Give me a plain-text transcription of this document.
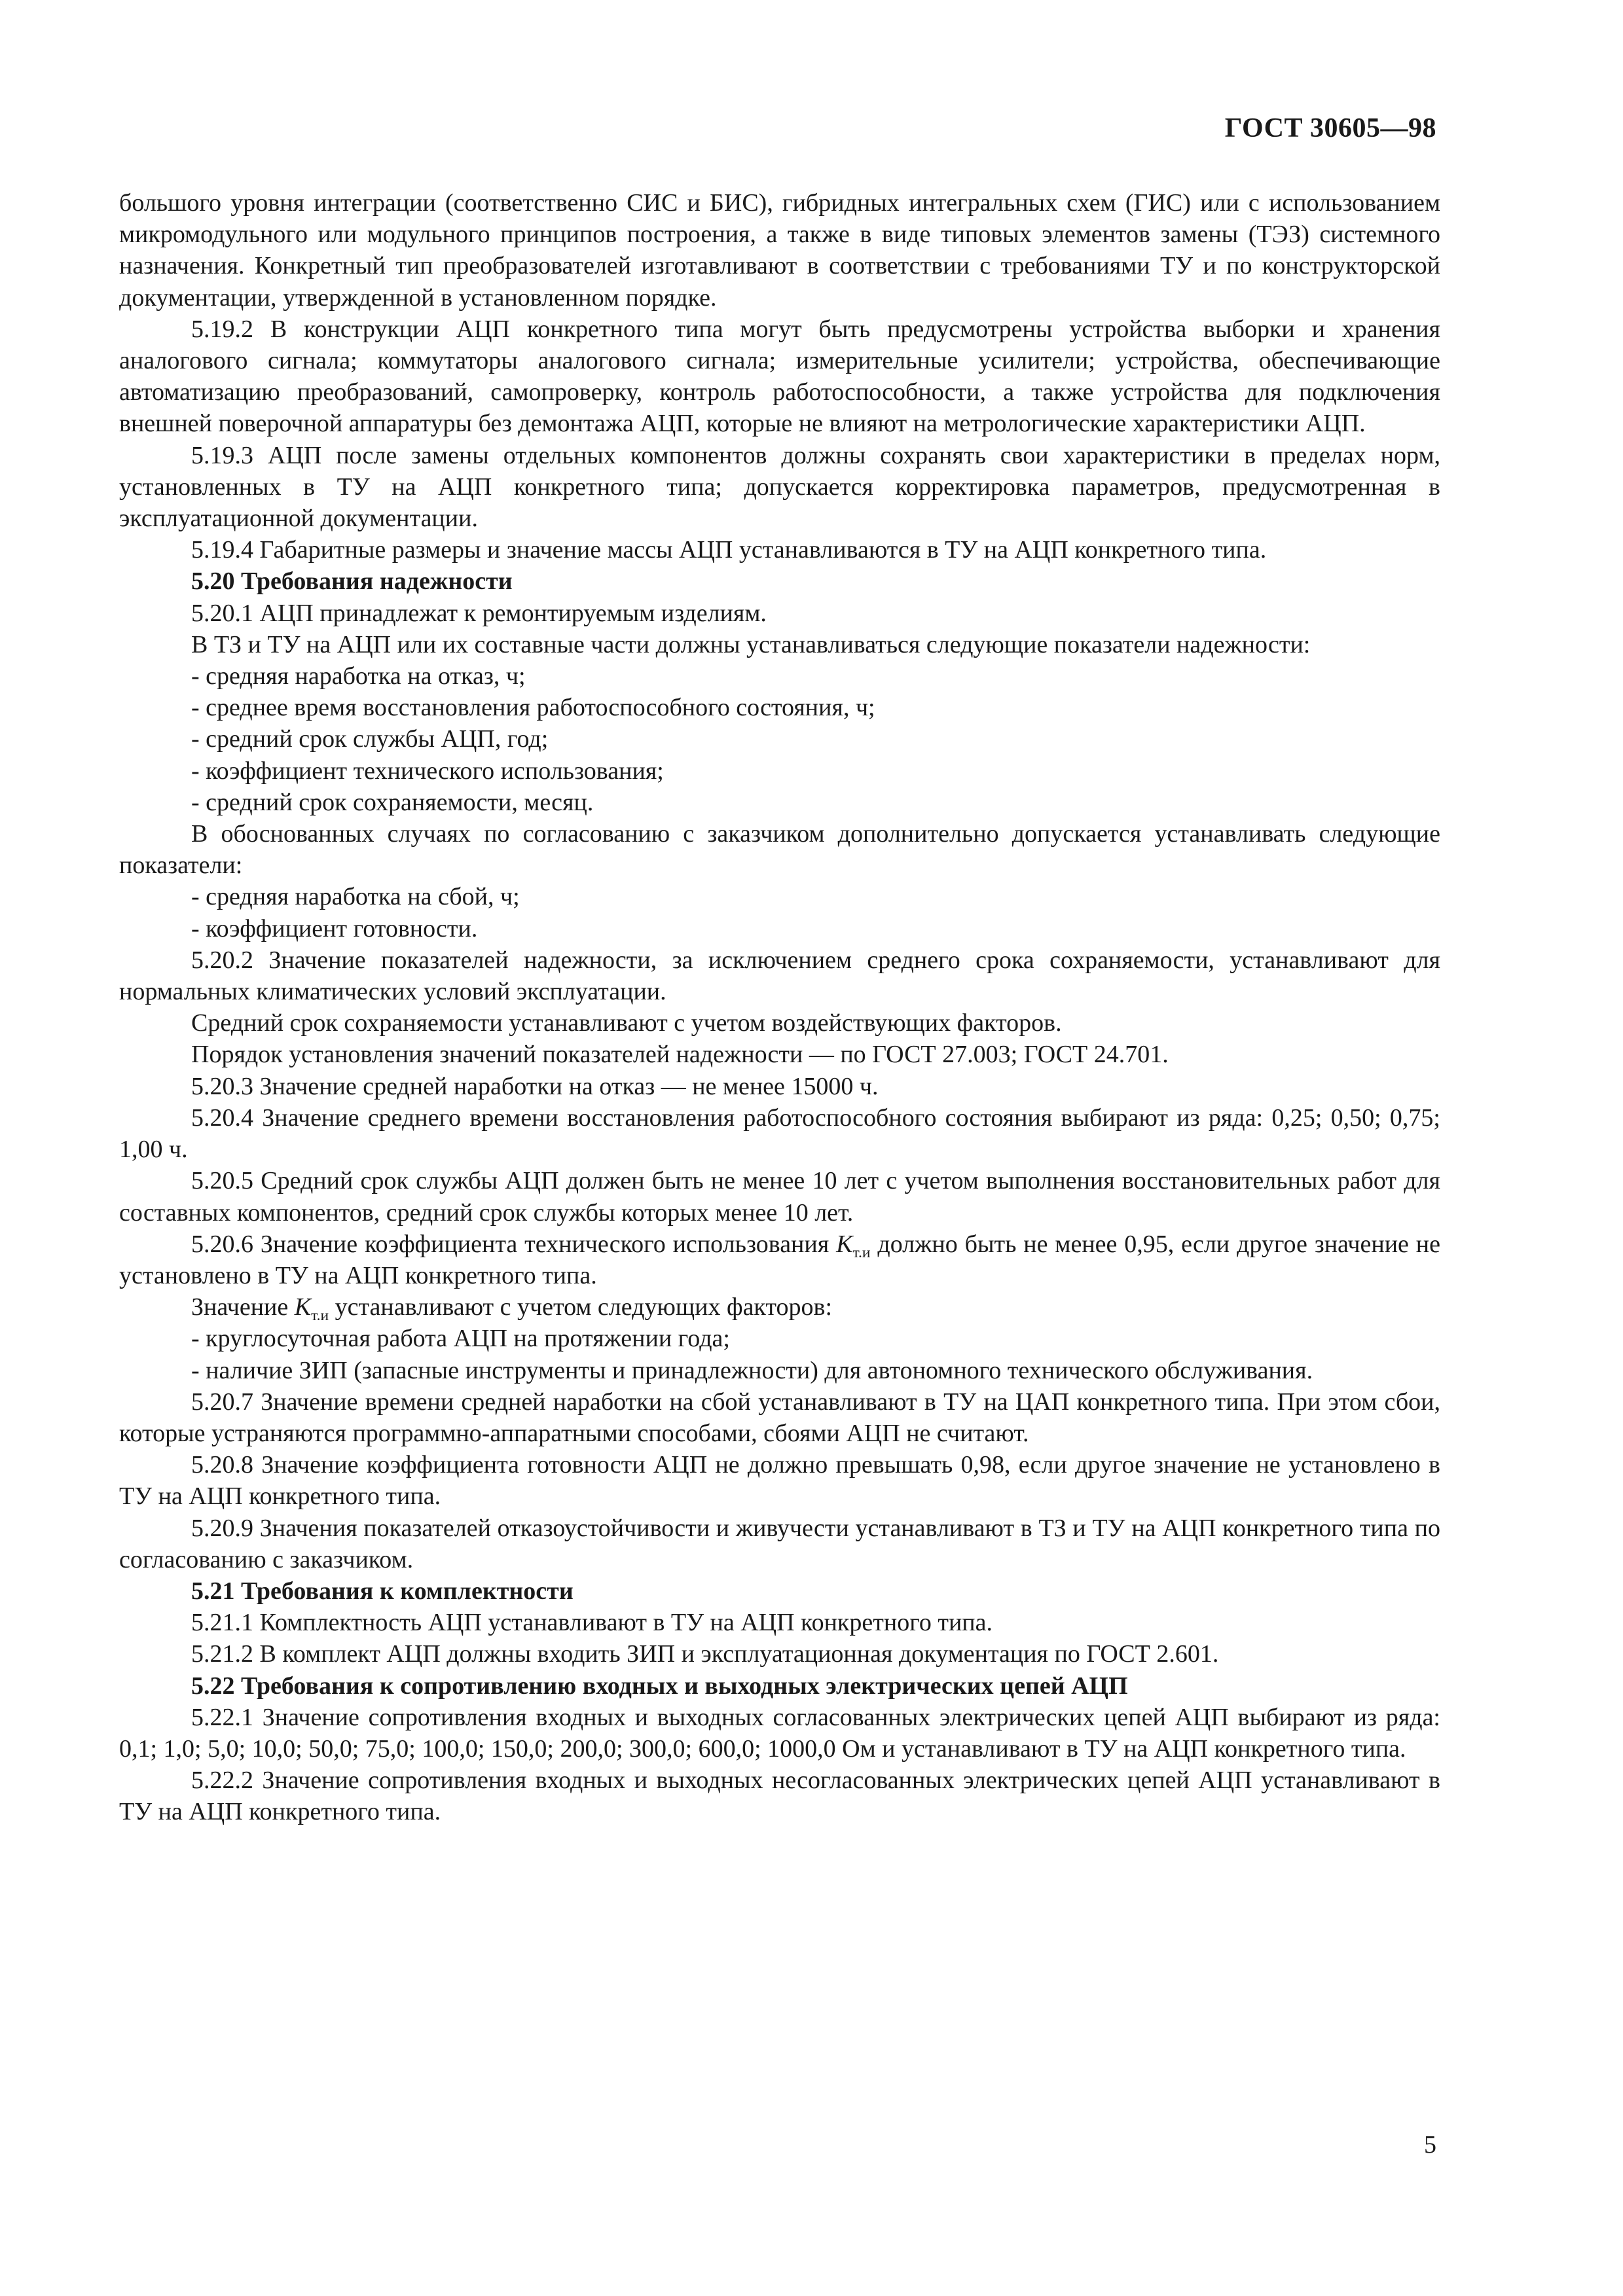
ГОСТ 30605—98

большого уровня интеграции (соответственно СИС и БИС), гибридных интегральных схем (ГИС) или с использованием микромодульного или модульного принципов построения, а также в виде типовых элементов замены (ТЭЗ) системного назначения. Конкретный тип преобразователей изготавливают в соответствии с требованиями ТУ и по конструкторской документации, утвержденной в установленном порядке.

5.19.2 В конструкции АЦП конкретного типа могут быть предусмотрены устройства выборки и хранения аналогового сигнала; коммутаторы аналогового сигнала; измерительные усилители; устройства, обеспечивающие автоматизацию преобразований, самопроверку, контроль работоспособности, а также устройства для подключения внешней поверочной аппаратуры без демонтажа АЦП, которые не влияют на метрологические характеристики АЦП.

5.19.3 АЦП после замены отдельных компонентов должны сохранять свои характеристики в пределах норм, установленных в ТУ на АЦП конкретного типа; допускается корректировка параметров, предусмотренная в эксплуатационной документации.

5.19.4 Габаритные размеры и значение массы АЦП устанавливаются в ТУ на АЦП конкретного типа.

5.20 Требования надежности

5.20.1 АЦП принадлежат к ремонтируемым изделиям.

В ТЗ и ТУ на АЦП или их составные части должны устанавливаться следующие показатели надежности:

- средняя наработка на отказ, ч;
- среднее время восстановления работоспособного состояния, ч;
- средний срок службы АЦП, год;
- коэффициент технического использования;
- средний срок сохраняемости, месяц.

В обоснованных случаях по согласованию с заказчиком дополнительно допускается устанавливать следующие показатели:

- средняя наработка на сбой, ч;
- коэффициент готовности.

5.20.2 Значение показателей надежности, за исключением среднего срока сохраняемости, устанавливают для нормальных климатических условий эксплуатации.

Средний срок сохраняемости устанавливают с учетом воздействующих факторов.

Порядок установления значений показателей надежности — по ГОСТ 27.003; ГОСТ 24.701.

5.20.3 Значение средней наработки на отказ — не менее 15000 ч.

5.20.4 Значение среднего времени восстановления работоспособного состояния выбирают из ряда: 0,25; 0,50; 0,75; 1,00 ч.

5.20.5 Средний срок службы АЦП должен быть не менее 10 лет с учетом выполнения восстановительных работ для составных компонентов, средний срок службы которых менее 10 лет.

5.20.6 Значение коэффициента технического использования $K_{т.и}$ должно быть не менее 0,95, если другое значение не установлено в ТУ на АЦП конкретного типа.

Значение $K_{т.и}$ устанавливают с учетом следующих факторов:

- круглосуточная работа АЦП на протяжении года;

- наличие ЗИП (запасные инструменты и принадлежности) для автономного технического обслуживания.

5.20.7 Значение времени средней наработки на сбой устанавливают в ТУ на ЦАП конкретного типа. При этом сбои, которые устраняются программно-аппаратными способами, сбоями АЦП не считают.

5.20.8 Значение коэффициента готовности АЦП не должно превышать 0,98, если другое значение не установлено в ТУ на АЦП конкретного типа.

5.20.9 Значения показателей отказоустойчивости и живучести устанавливают в ТЗ и ТУ на АЦП конкретного типа по согласованию с заказчиком.

5.21 Требования к комплектности

5.21.1 Комплектность АЦП устанавливают в ТУ на АЦП конкретного типа.

5.21.2 В комплект АЦП должны входить ЗИП и эксплуатационная документация по ГОСТ 2.601.

5.22 Требования к сопротивлению входных и выходных электрических цепей АЦП

5.22.1 Значение сопротивления входных и выходных согласованных электрических цепей АЦП выбирают из ряда: 0,1; 1,0; 5,0; 10,0; 50,0; 75,0; 100,0; 150,0; 200,0; 300,0; 600,0; 1000,0 Ом и устанавливают в ТУ на АЦП конкретного типа.

5.22.2 Значение сопротивления входных и выходных несогласованных электрических цепей АЦП устанавливают в ТУ на АЦП конкретного типа.

5
